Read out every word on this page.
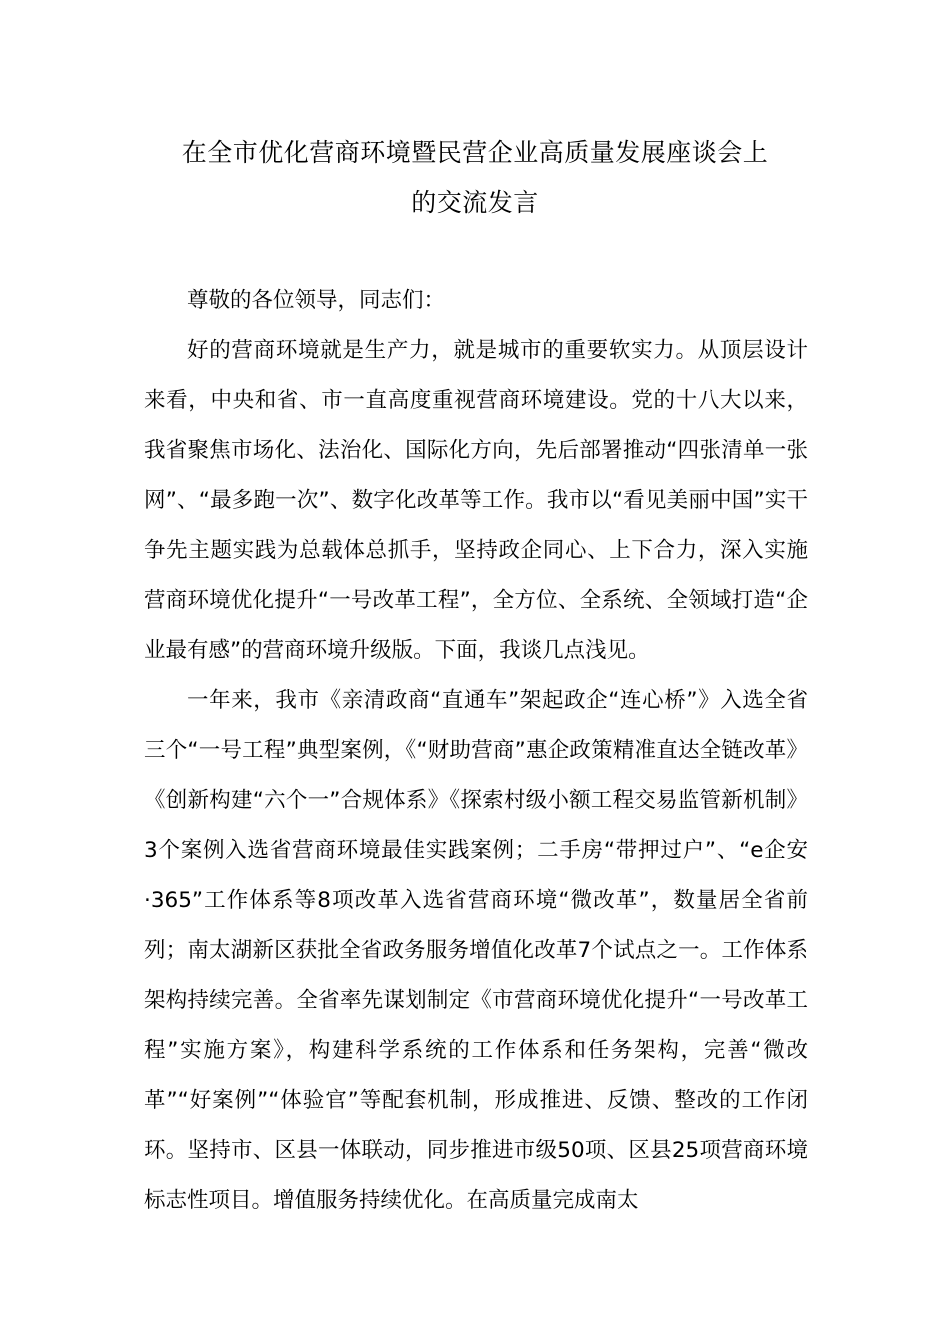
在全市优化营商环境暨民营企业高质量发展座谈会上
的交流发言

尊敬的各位领导，同志们：

好的营商环境就是生产力，就是城市的重要软实力。从顶层设计来看，中央和省、市一直高度重视营商环境建设。党的十八大以来，我省聚焦市场化、法治化、国际化方向，先后部署推动“四张清单一张网”、“最多跑一次”、数字化改革等工作。我市以“看见美丽中国”实干争先主题实践为总载体总抓手，坚持政企同心、上下合力，深入实施营商环境优化提升“一号改革工程”，全方位、全系统、全领域打造“企业最有感”的营商环境升级版。下面，我谈几点浅见。

一年来，我市《亲清政商“直通车”架起政企“连心桥”》入选全省三个“一号工程”典型案例，《“财助营商”惠企政策精准直达全链改革》《创新构建“六个一”合规体系》《探索村级小额工程交易监管新机制》3个案例入选省营商环境最佳实践案例；二手房“带押过户”、“e企安·365”工作体系等8项改革入选省营商环境“微改革”，数量居全省前列；南太湖新区获批全省政务服务增值化改革7个试点之一。工作体系架构持续完善。全省率先谋划制定《市营商环境优化提升“一号改革工程”实施方案》，构建科学系统的工作体系和任务架构，完善“微改革”“好案例”“体验官”等配套机制，形成推进、反馈、整改的工作闭环。坚持市、区县一体联动，同步推进市级50项、区县25项营商环境标志性项目。增值服务持续优化。在高质量完成南太
